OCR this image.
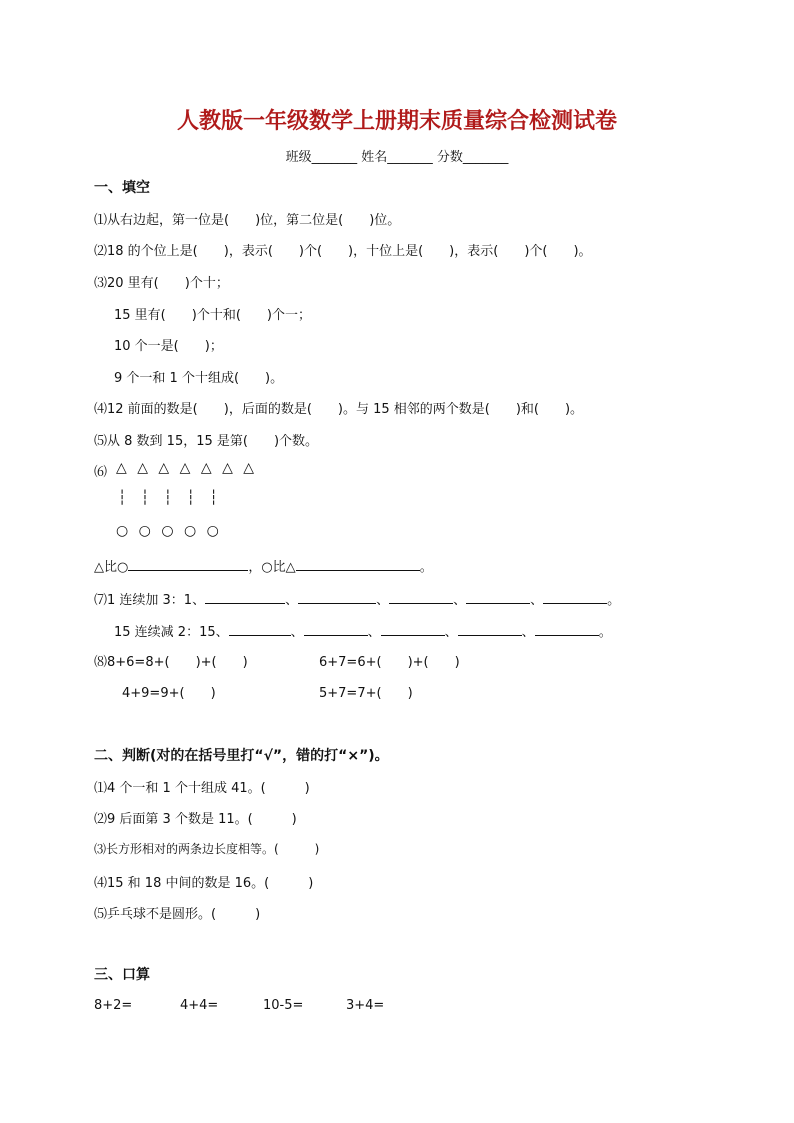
人教版一年级数学上册期末质量综合检测试卷
班级_______ 姓名_______ 分数_______
一、填空
⑴从右边起，第一位是(　　)位，第二位是(　　)位。
⑵18 的个位上是(　　)，表示(　　)个(　　)，十位上是(　　)，表示(　　)个(　　)。
⑶20 里有(　　)个十；
15 里有(　　)个十和(　　)个一；
10 个一是(　　)；
9 个一和 1 个十组成(　　)。
⑷12 前面的数是(　　)，后面的数是(　　)。与 15 相邻的两个数是(　　)和(　　)。
⑸从 8 数到 15，15 是第(　　)个数。
⑹ △ △ △ △ △ △ △
┆ ┆ ┆ ┆ ┆
○ ○ ○ ○ ○
△比○	，○比△	。
⑺1 连续加 3：1、	、	、	、	、	。
15 连续减 2：15、	、	、	、	、	。
⑻8+6=8+(　　)+(　　)	6+7=6+(　　)+(　　)
4+9=9+(　　)	5+7=7+(　　)
二、判断(对的在括号里打“√”，错的打“×”)。
⑴4 个一和 1 个十组成 41。(　　　)
⑵9 后面第 3 个数是 11。(　　　)
⑶长方形相对的两条边长度相等。(　　　)
⑷15 和 18 中间的数是 16。(　　　)
⑸乒乓球不是圆形。(　　　)
三、口算
8+2=	4+4=	10-5=	3+4=
